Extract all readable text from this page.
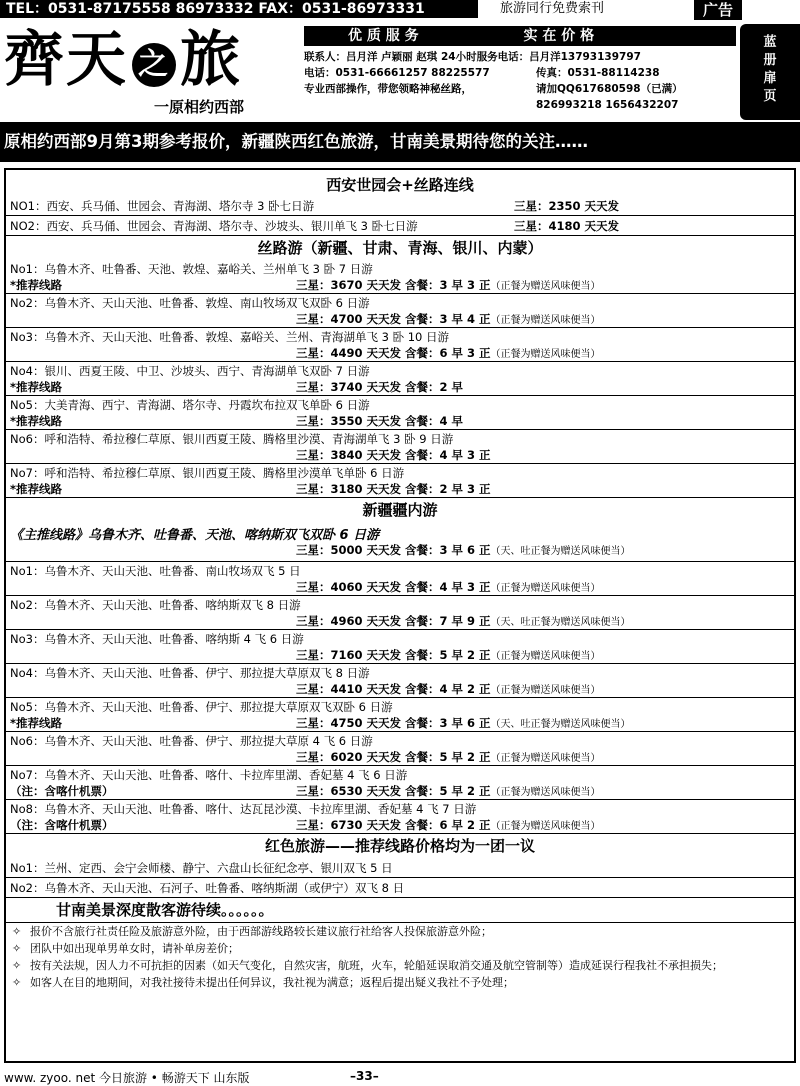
TEL：0531-87175558 86973332 FAX：0531-86973331	旅游同行免费索刊	广告
齊天 之 旅
一原相约西部
优 质 服 务	实 在 价 格
联系人：吕月洋 卢颖丽 赵琪 24小时服务电话：吕月洋13793139797
电话：0531-66661257 88225577	传真：0531-88114238
专业西部操作，带您领略神秘丝路，	请加QQ617680598（已满）
826993218 1656432207
蓝
册
扉
页
原相约西部9月第3期参考报价，新疆陕西红色旅游，甘南美景期待您的关注……
西安世园会+丝路连线
NO1：西安、兵马俑、世园会、青海湖、塔尔寺 3 卧七日游	三星：2350 天天发
NO2：西安、兵马俑、世园会、青海湖、塔尔寺、沙坡头、银川单飞 3 卧七日游	三星：4180 天天发
丝路游（新疆、甘肃、青海、银川、内蒙）
No1：乌鲁木齐、吐鲁番、天池、敦煌、嘉峪关、兰州单飞 3 卧 7 日游
*推荐线路	三星：3670 天天发 含餐：3 早 3 正（正餐为赠送风味便当）
No2：乌鲁木齐、天山天池、吐鲁番、敦煌、南山牧场双飞双卧 6 日游
三星：4700 天天发 含餐：3 早 4 正（正餐为赠送风味便当）
No3：乌鲁木齐、天山天池、吐鲁番、敦煌、嘉峪关、兰州、青海湖单飞 3 卧 10 日游
三星：4490 天天发 含餐：6 早 3 正（正餐为赠送风味便当）
No4：银川、西夏王陵、中卫、沙坡头、西宁、青海湖单飞双卧 7 日游
*推荐线路	三星：3740 天天发 含餐：2 早
No5：大美青海、西宁、青海湖、塔尔寺、丹霞坎布拉双飞单卧 6 日游
*推荐线路	三星：3550 天天发 含餐：4 早
No6：呼和浩特、希拉穆仁草原、银川西夏王陵、腾格里沙漠、青海湖单飞 3 卧 9 日游
三星：3840 天天发 含餐：4 早 3 正
No7：呼和浩特、希拉穆仁草原、银川西夏王陵、腾格里沙漠单飞单卧 6 日游
*推荐线路	三星：3180 天天发 含餐：2 早 3 正
新疆疆内游
《主推线路》乌鲁木齐、吐鲁番、天池、喀纳斯双飞双卧 6 日游
三星：5000 天天发 含餐：3 早 6 正（天、吐正餐为赠送风味便当）
No1：乌鲁木齐、天山天池、吐鲁番、南山牧场双飞 5 日
三星：4060 天天发 含餐：4 早 3 正（正餐为赠送风味便当）
No2：乌鲁木齐、天山天池、吐鲁番、喀纳斯双飞 8 日游
三星：4960 天天发 含餐：7 早 9 正（天、吐正餐为赠送风味便当）
No3：乌鲁木齐、天山天池、吐鲁番、喀纳斯 4 飞 6 日游
三星：7160 天天发 含餐：5 早 2 正（正餐为赠送风味便当）
No4：乌鲁木齐、天山天池、吐鲁番、伊宁、那拉提大草原双飞 8 日游
三星：4410 天天发 含餐：4 早 2 正（正餐为赠送风味便当）
No5：乌鲁木齐、天山天池、吐鲁番、伊宁、那拉提大草原双飞双卧 6 日游
*推荐线路	三星：4750 天天发 含餐：3 早 6 正（天、吐正餐为赠送风味便当）
No6：乌鲁木齐、天山天池、吐鲁番、伊宁、那拉提大草原 4 飞 6 日游
三星：6020 天天发 含餐：5 早 2 正（正餐为赠送风味便当）
No7：乌鲁木齐、天山天池、吐鲁番、喀什、卡拉库里湖、香妃墓 4 飞 6 日游
（注：含喀什机票）	三星：6530 天天发 含餐：5 早 2 正（正餐为赠送风味便当）
No8：乌鲁木齐、天山天池、吐鲁番、喀什、达瓦昆沙漠、卡拉库里湖、香妃墓 4 飞 7 日游
（注：含喀什机票）	三星：6730 天天发 含餐：6 早 2 正（正餐为赠送风味便当）
红色旅游——推荐线路价格均为一团一议
No1：兰州、定西、会宁会师楼、静宁、六盘山长征纪念亭、银川双飞 5 日
No2：乌鲁木齐、天山天池、石河子、吐鲁番、喀纳斯湖（或伊宁）双飞 8 日
甘南美景深度散客游待续。。。。。。
✧ 报价不含旅行社责任险及旅游意外险，由于西部游线路较长建议旅行社给客人投保旅游意外险；
✧ 团队中如出现单男单女时，请补单房差价；
✧ 按有关法规，因人力不可抗拒的因素（如天气变化，自然灾害，航班，火车，轮船延误取消交通及航空管制等）造成延误行程我社不承担损失；
✧ 如客人在目的地期间，对我社接待未提出任何异议，我社视为满意；返程后提出疑义我社不予处理；
www. zyoo. net 今日旅游 • 畅游天下 山东版	–33–
